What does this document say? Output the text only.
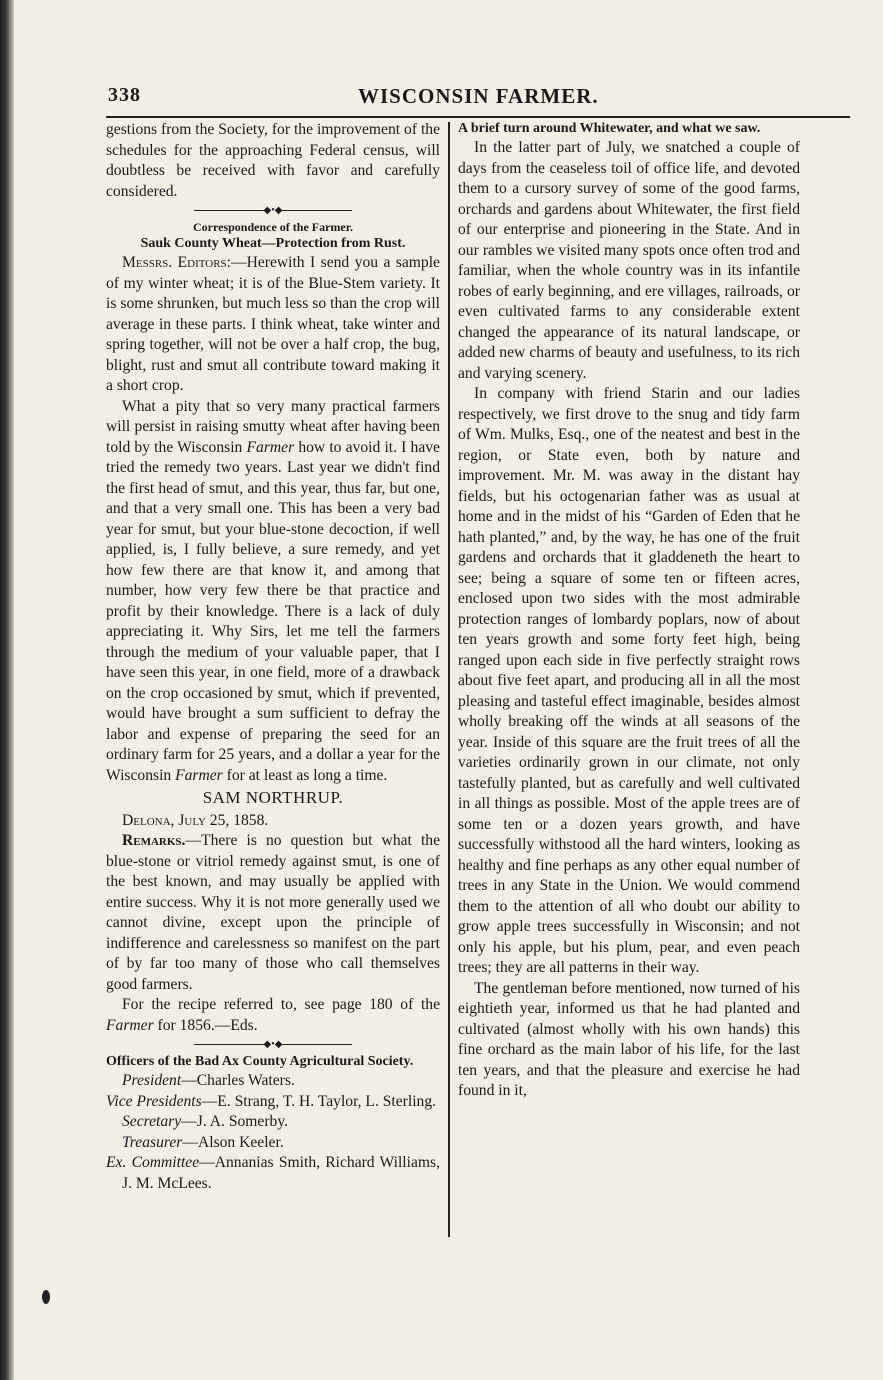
338	WISCONSIN FARMER.

gestions from the Society, for the improvement of the schedules for the approaching Federal census, will doubtless be received with favor and carefully considered.

◆•◆
Correspondence of the Farmer.
Sauk County Wheat—Protection from Rust.

Messrs. Editors:—Herewith I send you a sample of my winter wheat; it is of the Blue-Stem variety. It is some shrunken, but much less so than the crop will average in these parts. I think wheat, take winter and spring together, will not be over a half crop, the bug, blight, rust and smut all contribute toward making it a short crop.

What a pity that so very many practical farmers will persist in raising smutty wheat after having been told by the Wisconsin Farmer how to avoid it. I have tried the remedy two years. Last year we didn't find the first head of smut, and this year, thus far, but one, and that a very small one. This has been a very bad year for smut, but your blue-stone decoction, if well applied, is, I fully believe, a sure remedy, and yet how few there are that know it, and among that number, how very few there be that practice and profit by their knowledge. There is a lack of duly appreciating it. Why Sirs, let me tell the farmers through the medium of your valuable paper, that I have seen this year, in one field, more of a drawback on the crop occasioned by smut, which if prevented, would have brought a sum sufficient to defray the labor and expense of preparing the seed for an ordinary farm for 25 years, and a dollar a year for the Wisconsin Farmer for at least as long a time.

SAM NORTHRUP.

Delona, July 25, 1858.

Remarks.—There is no question but what the blue-stone or vitriol remedy against smut, is one of the best known, and may usually be applied with entire success. Why it is not more generally used we cannot divine, except upon the principle of indifference and carelessness so manifest on the part of by far too many of those who call themselves good farmers.

For the recipe referred to, see page 180 of the Farmer for 1856.—Eds.

◆•◆
Officers of the Bad Ax County Agricultural Society.

President—Charles Waters.

Vice Presidents—E. Strang, T. H. Taylor, L. Sterling.

Secretary—J. A. Somerby.

Treasurer—Alson Keeler.

Ex. Committee—Annanias Smith, Richard Williams, J. M. McLees.

A brief turn around Whitewater, and what we saw.

In the latter part of July, we snatched a couple of days from the ceaseless toil of office life, and devoted them to a cursory survey of some of the good farms, orchards and gardens about Whitewater, the first field of our enterprise and pioneering in the State. And in our rambles we visited many spots once often trod and familiar, when the whole country was in its infantile robes of early beginning, and ere villages, railroads, or even cultivated farms to any considerable extent changed the appearance of its natural landscape, or added new charms of beauty and usefulness, to its rich and varying scenery.

In company with friend Starin and our ladies respectively, we first drove to the snug and tidy farm of Wm. Mulks, Esq., one of the neatest and best in the region, or State even, both by nature and improvement. Mr. M. was away in the distant hay fields, but his octogenarian father was as usual at home and in the midst of his “Garden of Eden that he hath planted,” and, by the way, he has one of the fruit gardens and orchards that it gladdeneth the heart to see; being a square of some ten or fifteen acres, enclosed upon two sides with the most admirable protection ranges of lombardy poplars, now of about ten years growth and some forty feet high, being ranged upon each side in five perfectly straight rows about five feet apart, and producing all in all the most pleasing and tasteful effect imaginable, besides almost wholly breaking off the winds at all seasons of the year. Inside of this square are the fruit trees of all the varieties ordinarily grown in our climate, not only tastefully planted, but as carefully and well cultivated in all things as possible. Most of the apple trees are of some ten or a dozen years growth, and have successfully withstood all the hard winters, looking as healthy and fine perhaps as any other equal number of trees in any State in the Union. We would commend them to the attention of all who doubt our ability to grow apple trees successfully in Wisconsin; and not only his apple, but his plum, pear, and even peach trees; they are all patterns in their way.

The gentleman before mentioned, now turned of his eightieth year, informed us that he had planted and cultivated (almost wholly with his own hands) this fine orchard as the main labor of his life, for the last ten years, and that the pleasure and exercise he had found in it,
